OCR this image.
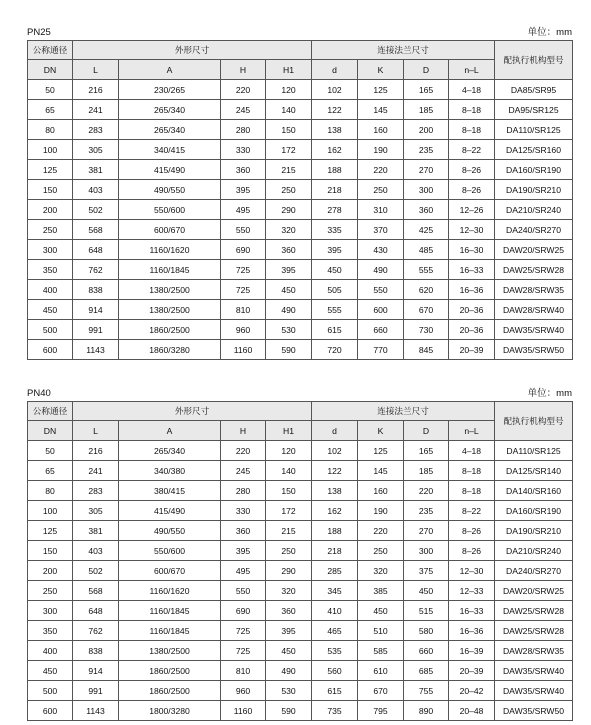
PN25	单位：mm
公称通径	外形尺寸				连接法兰尺寸				配执行机构型号
DN	L	A	H	H1	d	K	D	n–L	
50	216	230/265	220	120	102	125	165	4–18	DA85/SR95
65	241	265/340	245	140	122	145	185	8–18	DA95/SR125
80	283	265/340	280	150	138	160	200	8–18	DA110/SR125
100	305	340/415	330	172	162	190	235	8–22	DA125/SR160
125	381	415/490	360	215	188	220	270	8–26	DA160/SR190
150	403	490/550	395	250	218	250	300	8–26	DA190/SR210
200	502	550/600	495	290	278	310	360	12–26	DA210/SR240
250	568	600/670	550	320	335	370	425	12–30	DA240/SR270
300	648	1160/1620	690	360	395	430	485	16–30	DAW20/SRW25
350	762	1160/1845	725	395	450	490	555	16–33	DAW25/SRW28
400	838	1380/2500	725	450	505	550	620	16–36	DAW28/SRW35
450	914	1380/2500	810	490	555	600	670	20–36	DAW28/SRW40
500	991	1860/2500	960	530	615	660	730	20–36	DAW35/SRW40
600	1143	1860/3280	1160	590	720	770	845	20–39	DAW35/SRW50
PN40	单位：mm
公称通径	外形尺寸				连接法兰尺寸				配执行机构型号
DN	L	A	H	H1	d	K	D	n–L	
50	216	265/340	220	120	102	125	165	4–18	DA110/SR125
65	241	340/380	245	140	122	145	185	8–18	DA125/SR140
80	283	380/415	280	150	138	160	220	8–18	DA140/SR160
100	305	415/490	330	172	162	190	235	8–22	DA160/SR190
125	381	490/550	360	215	188	220	270	8–26	DA190/SR210
150	403	550/600	395	250	218	250	300	8–26	DA210/SR240
200	502	600/670	495	290	285	320	375	12–30	DA240/SR270
250	568	1160/1620	550	320	345	385	450	12–33	DAW20/SRW25
300	648	1160/1845	690	360	410	450	515	16–33	DAW25/SRW28
350	762	1160/1845	725	395	465	510	580	16–36	DAW25/SRW28
400	838	1380/2500	725	450	535	585	660	16–39	DAW28/SRW35
450	914	1860/2500	810	490	560	610	685	20–39	DAW35/SRW40
500	991	1860/2500	960	530	615	670	755	20–42	DAW35/SRW40
600	1143	1800/3280	1160	590	735	795	890	20–48	DAW35/SRW50
